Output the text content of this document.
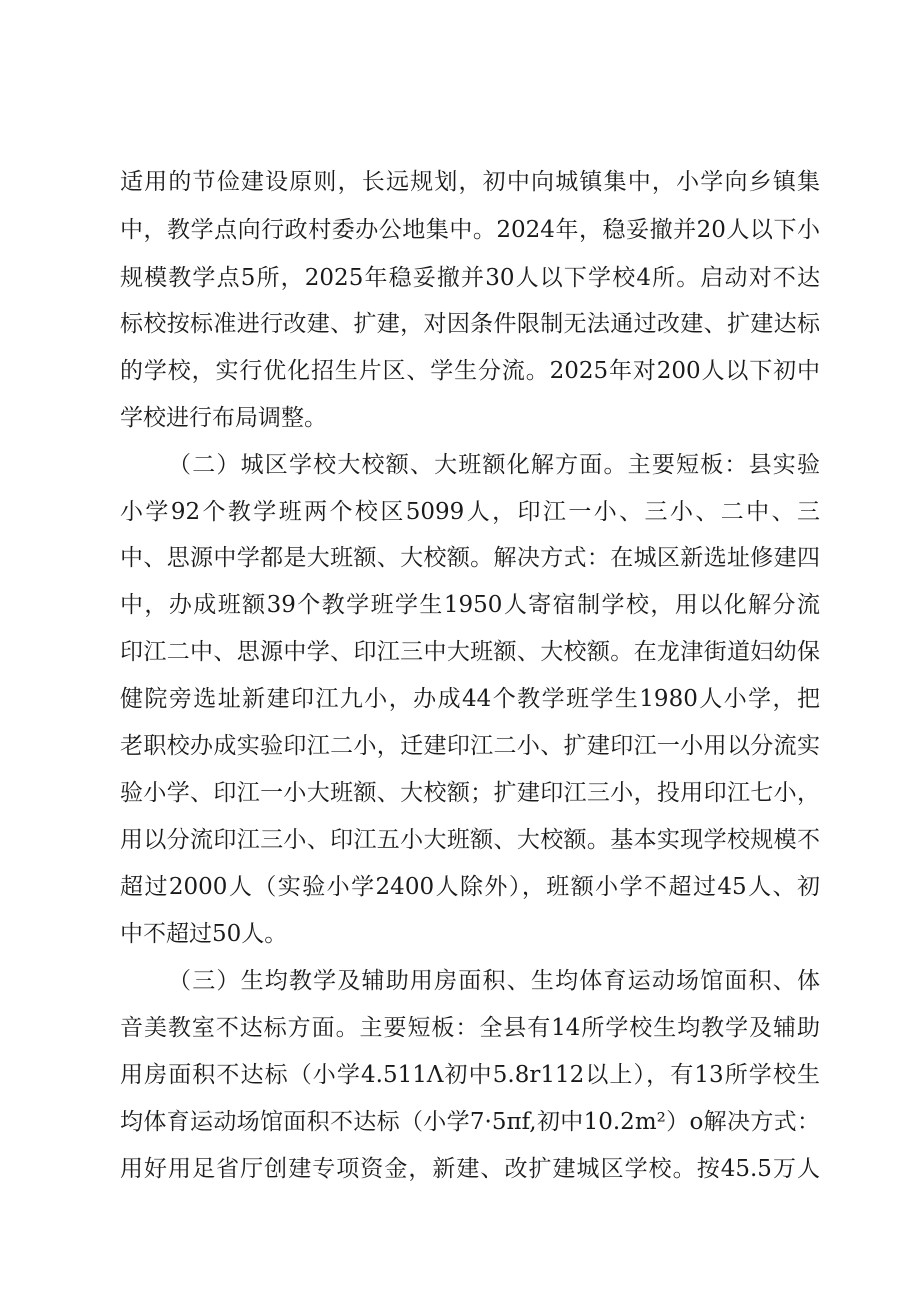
适用的节俭建设原则，长远规划，初中向城镇集中，小学向乡镇集
中，教学点向行政村委办公地集中。2024年，稳妥撤并20人以下小
规模教学点5所，2025年稳妥撤并30人以下学校4所。启动对不达
标校按标准进行改建、扩建，对因条件限制无法通过改建、扩建达标
的学校，实行优化招生片区、学生分流。2025年对200人以下初中
学校进行布局调整。
（二）城区学校大校额、大班额化解方面。主要短板：县实验
小学92个教学班两个校区5099人，印江一小、三小、二中、三
中、思源中学都是大班额、大校额。解决方式：在城区新选址修建四
中，办成班额39个教学班学生1950人寄宿制学校，用以化解分流
印江二中、思源中学、印江三中大班额、大校额。在龙津街道妇幼保
健院旁选址新建印江九小，办成44个教学班学生1980人小学，把
老职校办成实验印江二小，迁建印江二小、扩建印江一小用以分流实
验小学、印江一小大班额、大校额；扩建印江三小，投用印江七小，
用以分流印江三小、印江五小大班额、大校额。基本实现学校规模不
超过2000人（实验小学2400人除外），班额小学不超过45人、初
中不超过50人。
（三）生均教学及辅助用房面积、生均体育运动场馆面积、体
音美教室不达标方面。主要短板：全县有14所学校生均教学及辅助
用房面积不达标（小学4.511Λ初中5.8r112以上），有13所学校生
均体育运动场馆面积不达标（小学7·5πf,初中10.2m²）o解决方式：
用好用足省厅创建专项资金，新建、改扩建城区学校。按45.5万人
